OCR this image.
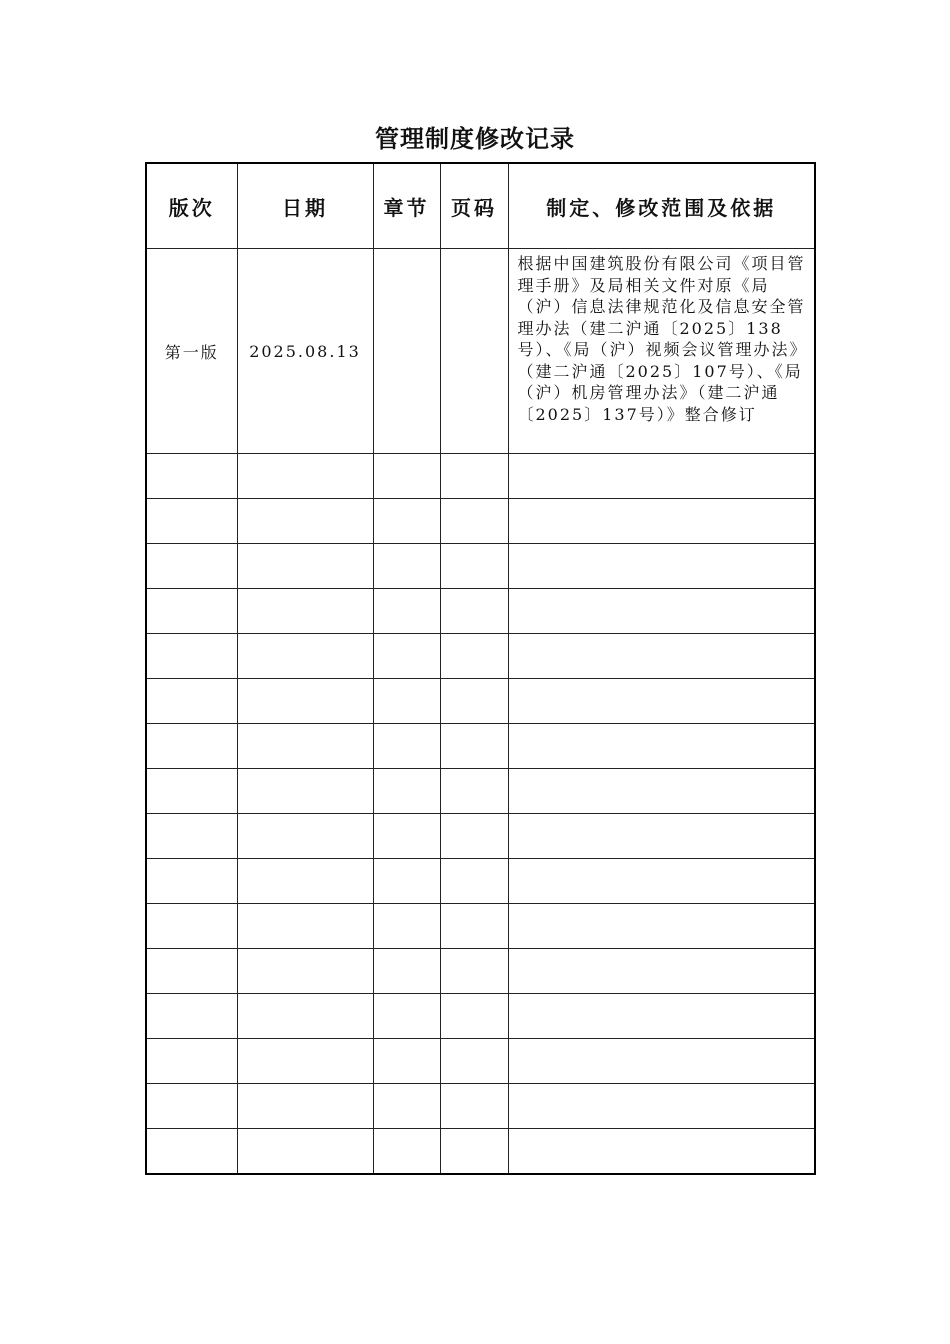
管理制度修改记录
版次	日期	章节	页码	制定、修改范围及依据
第一版	2025.08.13			根据中国建筑股份有限公司《项目管理手册》及局相关文件对原《局（沪）信息法律规范化及信息安全管理办法（建二沪通〔2025〕138号）、《局（沪）视频会议管理办法》（建二沪通〔2025〕107号）、《局（沪）机房管理办法》（建二沪通〔2025〕137号）》整合修订
